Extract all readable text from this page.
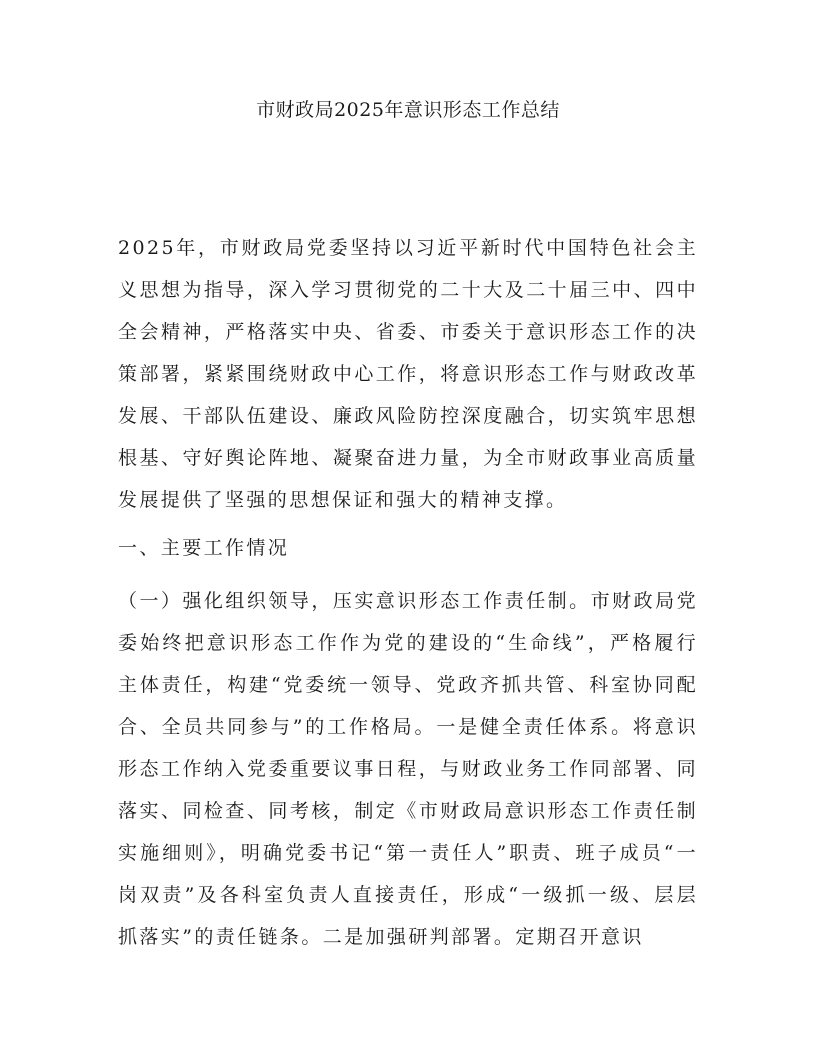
市财政局2025年意识形态工作总结

2025年，市财政局党委坚持以习近平新时代中国特色社会主义思想为指导，深入学习贯彻党的二十大及二十届三中、四中全会精神，严格落实中央、省委、市委关于意识形态工作的决策部署，紧紧围绕财政中心工作，将意识形态工作与财政改革发展、干部队伍建设、廉政风险防控深度融合，切实筑牢思想根基、守好舆论阵地、凝聚奋进力量，为全市财政事业高质量发展提供了坚强的思想保证和强大的精神支撑。

一、主要工作情况

（一）强化组织领导，压实意识形态工作责任制。市财政局党委始终把意识形态工作作为党的建设的“生命线”，严格履行主体责任，构建“党委统一领导、党政齐抓共管、科室协同配合、全员共同参与”的工作格局。一是健全责任体系。将意识形态工作纳入党委重要议事日程，与财政业务工作同部署、同落实、同检查、同考核，制定《市财政局意识形态工作责任制实施细则》，明确党委书记“第一责任人”职责、班子成员“一岗双责”及各科室负责人直接责任，形成“一级抓一级、层层抓落实”的责任链条。二是加强研判部署。定期召开意识
